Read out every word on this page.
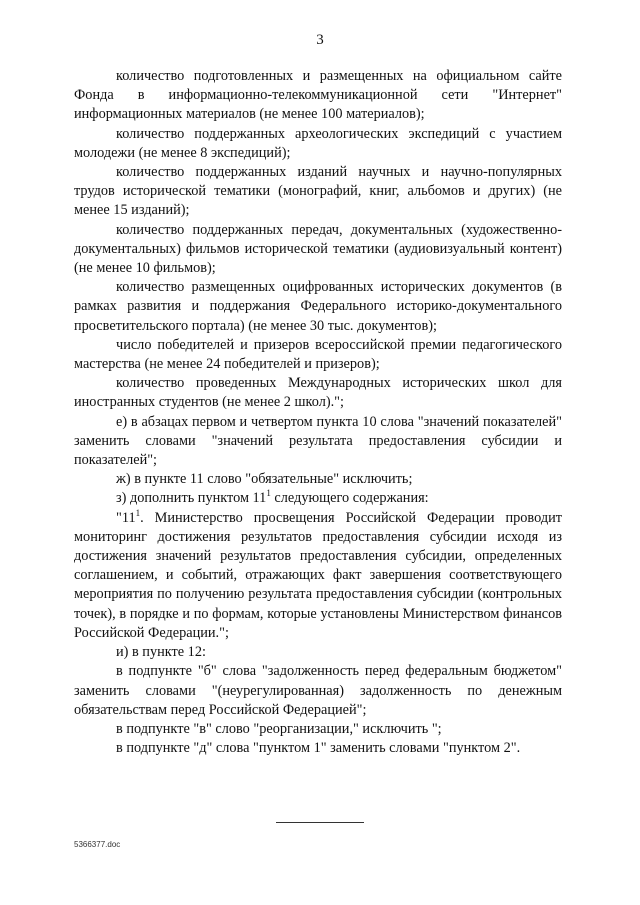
3

количество подготовленных и размещенных на официальном сайте Фонда в информационно-телекоммуникационной сети "Интернет" информационных материалов (не менее 100 материалов);

количество поддержанных археологических экспедиций с участием молодежи (не менее 8 экспедиций);

количество поддержанных изданий научных и научно-популярных трудов исторической тематики (монографий, книг, альбомов и других) (не менее 15 изданий);

количество поддержанных передач, документальных (художественно-документальных) фильмов исторической тематики (аудиовизуальный контент) (не менее 10 фильмов);

количество размещенных оцифрованных исторических документов (в рамках развития и поддержания Федерального историко-документального просветительского портала) (не менее 30 тыс. документов);

число победителей и призеров всероссийской премии педагогического мастерства (не менее 24 победителей и призеров);

количество проведенных Международных исторических школ для иностранных студентов (не менее 2 школ).";

е) в абзацах первом и четвертом пункта 10 слова "значений показателей" заменить словами "значений результата предоставления субсидии и показателей";

ж) в пункте 11 слово "обязательные" исключить;

з) дополнить пунктом $11^1$ следующего содержания:

"$11^1$. Министерство просвещения Российской Федерации проводит мониторинг достижения результатов предоставления субсидии исходя из достижения значений результатов предоставления субсидии, определенных соглашением, и событий, отражающих факт завершения соответствующего мероприятия по получению результата предоставления субсидии (контрольных точек), в порядке и по формам, которые установлены Министерством финансов Российской Федерации.";

и) в пункте 12:

в подпункте "б" слова "задолженность перед федеральным бюджетом" заменить словами "(неурегулированная) задолженность по денежным обязательствам перед Российской Федерацией";

в подпункте "в" слово "реорганизации," исключить ";

в подпункте "д" слова "пунктом 1" заменить словами "пунктом 2".

5366377.doc
